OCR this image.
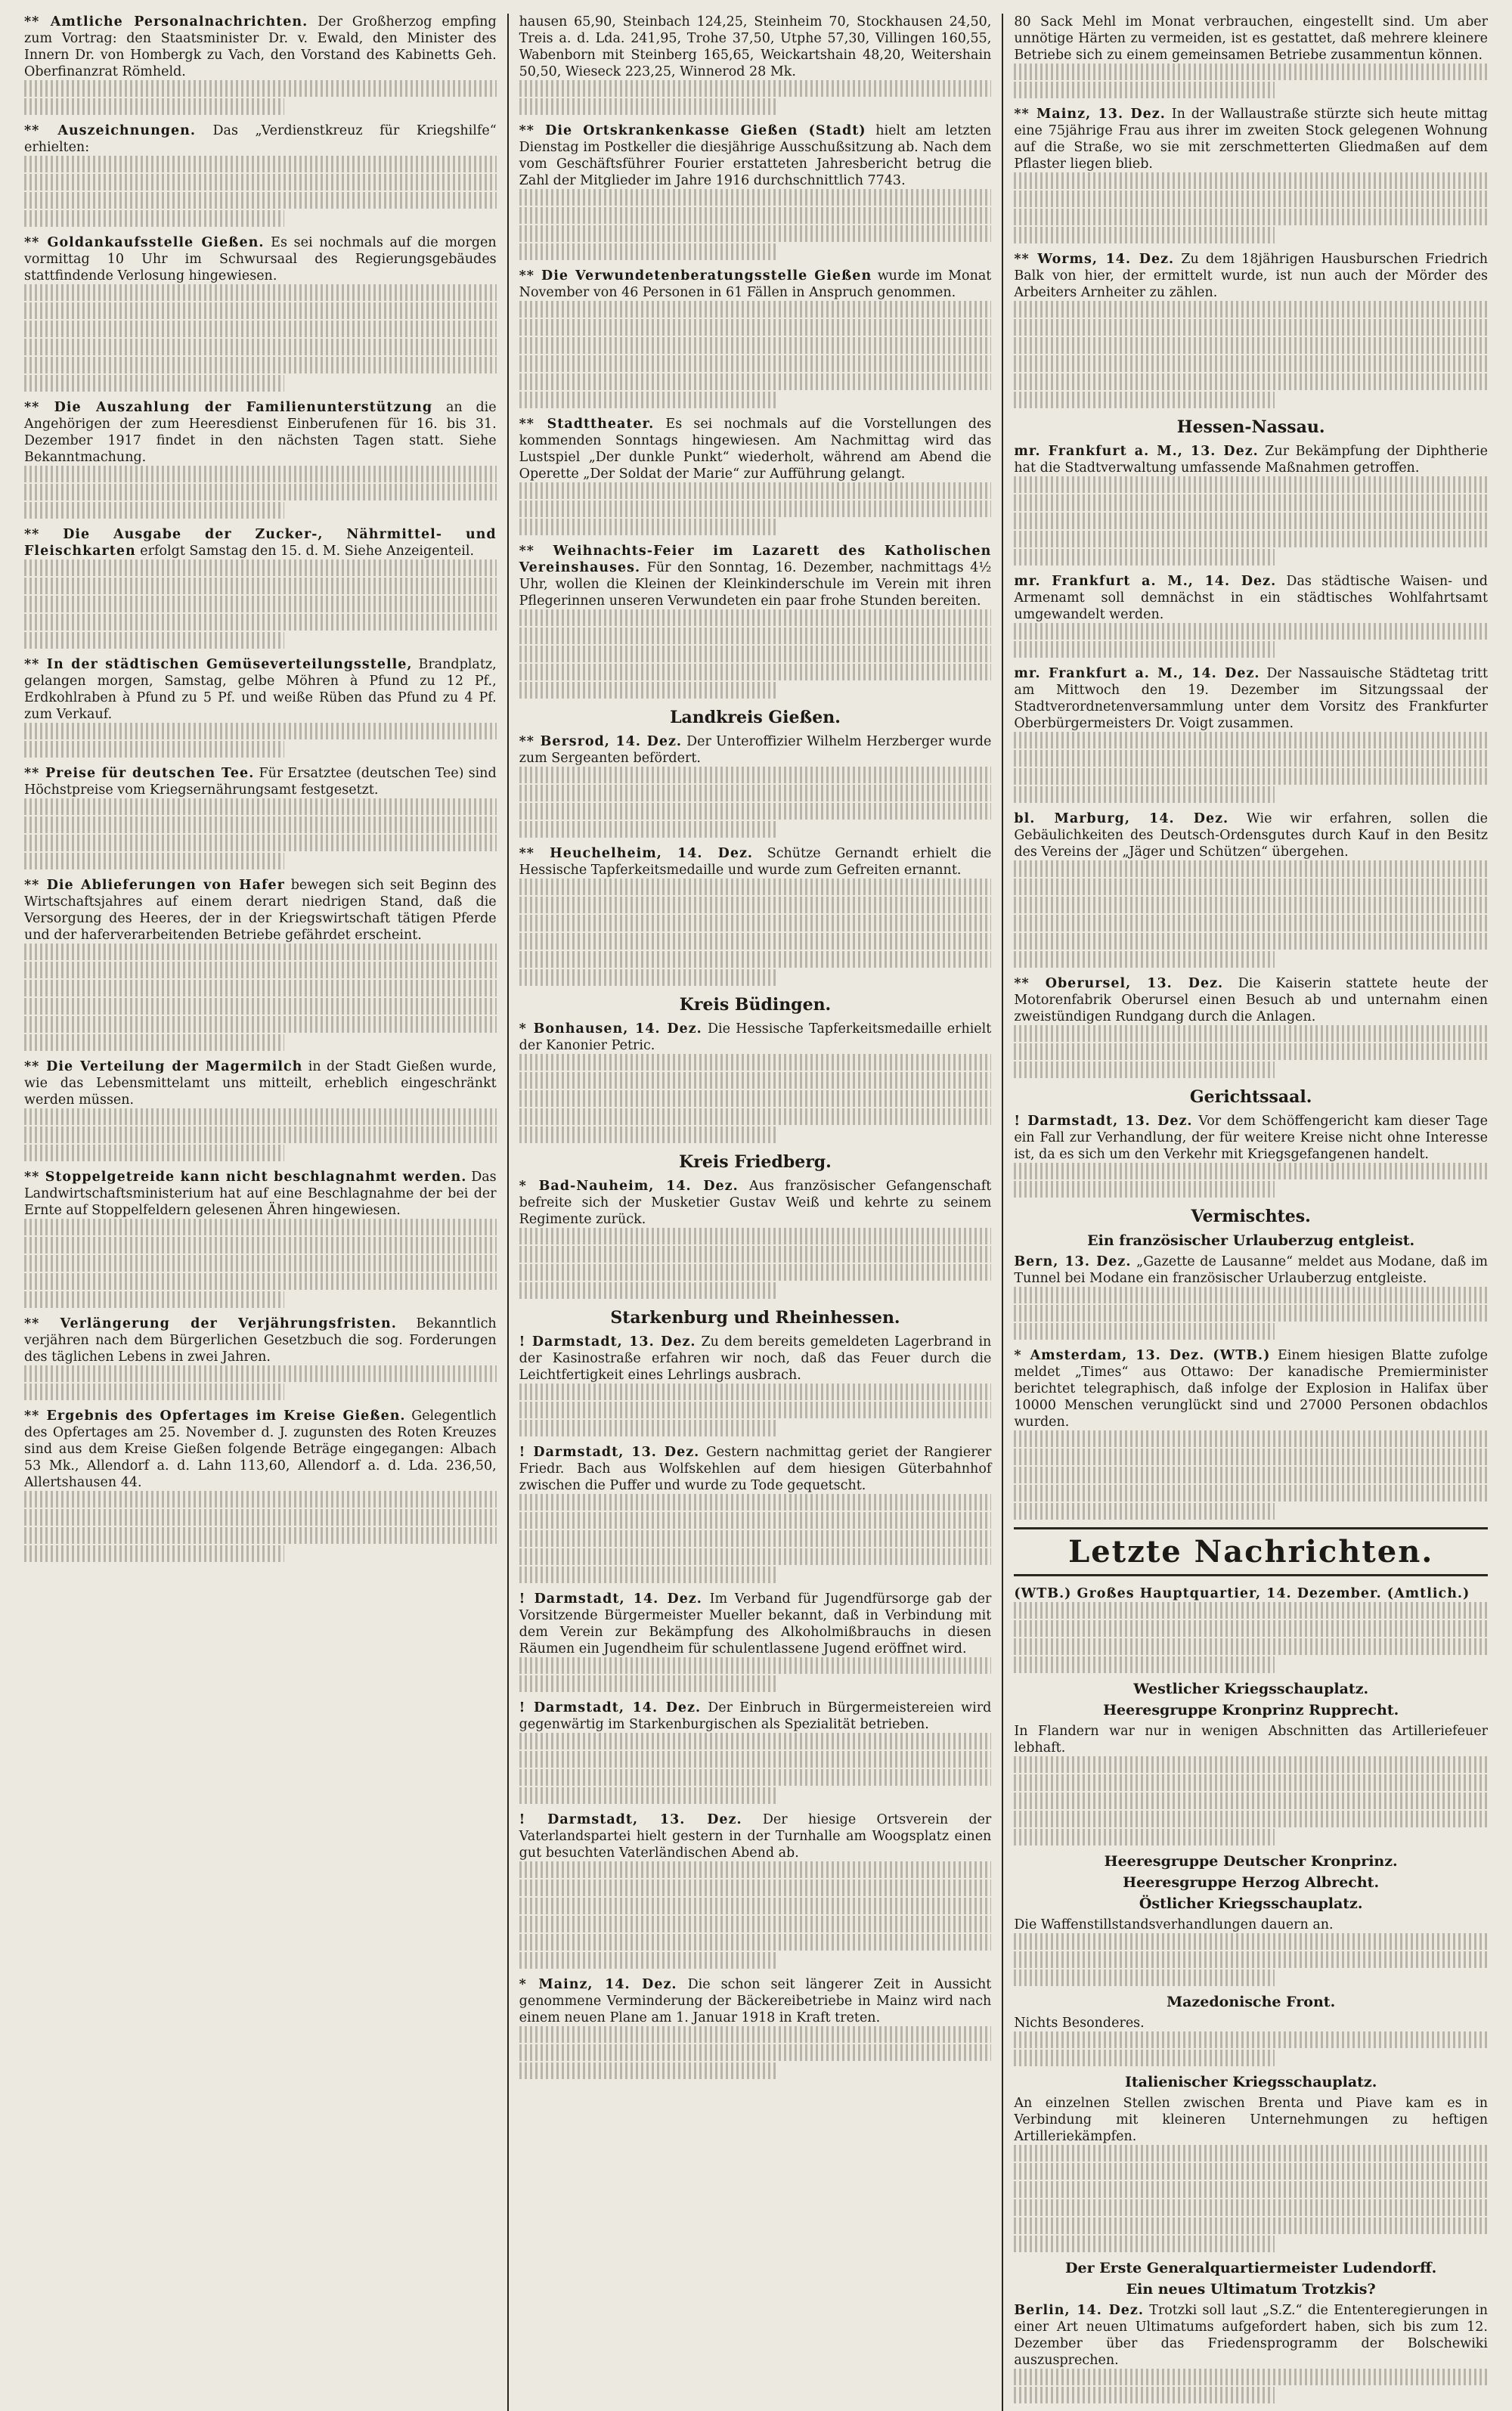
** Amtliche Personalnachrichten. Der Großherzog empfing zum Vortrag: den Staatsminister Dr. v. Ewald, den Minister des Innern Dr. von Hombergk zu Vach, den Vorstand des Kabinetts Geh. Oberfinanzrat Römheld.
** Auszeichnungen. Das „Verdienstkreuz für Kriegshilfe“ erhielten:
** Goldankaufsstelle Gießen. Es sei nochmals auf die morgen vormittag 10 Uhr im Schwursaal des Regierungsgebäudes stattfindende Verlosung hingewiesen.
** Die Auszahlung der Familienunterstützung an die Angehörigen der zum Heeresdienst Einberufenen für 16. bis 31. Dezember 1917 findet in den nächsten Tagen statt. Siehe Bekanntmachung.
** Die Ausgabe der Zucker-, Nährmittel- und Fleischkarten erfolgt Samstag den 15. d. M. Siehe Anzeigenteil.
** In der städtischen Gemüseverteilungsstelle, Brandplatz, gelangen morgen, Samstag, gelbe Möhren à Pfund zu 12 Pf., Erdkohlraben à Pfund zu 5 Pf. und weiße Rüben das Pfund zu 4 Pf. zum Verkauf.
** Preise für deutschen Tee. Für Ersatztee (deutschen Tee) sind Höchstpreise vom Kriegsernährungsamt festgesetzt.
** Die Ablieferungen von Hafer bewegen sich seit Beginn des Wirtschaftsjahres auf einem derart niedrigen Stand, daß die Versorgung des Heeres, der in der Kriegswirtschaft tätigen Pferde und der haferverarbeitenden Betriebe gefährdet erscheint.
** Die Verteilung der Magermilch in der Stadt Gießen wurde, wie das Lebensmittelamt uns mitteilt, erheblich eingeschränkt werden müssen.
** Stoppelgetreide kann nicht beschlagnahmt werden. Das Landwirtschaftsministerium hat auf eine Beschlagnahme der bei der Ernte auf Stoppelfeldern gelesenen Ähren hingewiesen.
** Verlängerung der Verjährungsfristen. Bekanntlich verjähren nach dem Bürgerlichen Gesetzbuch die sog. Forderungen des täglichen Lebens in zwei Jahren.
** Ergebnis des Opfertages im Kreise Gießen. Gelegentlich des Opfertages am 25. November d. J. zugunsten des Roten Kreuzes sind aus dem Kreise Gießen folgende Beträge eingegangen: Albach 53 Mk., Allendorf a. d. Lahn 113,60, Allendorf a. d. Lda. 236,50, Allertshausen 44.
hausen 65,90, Steinbach 124,25, Steinheim 70, Stockhausen 24,50, Treis a. d. Lda. 241,95, Trohe 37,50, Utphe 57,30, Villingen 160,55, Wabenborn mit Steinberg 165,65, Weickartshain 48,20, Weitershain 50,50, Wieseck 223,25, Winnerod 28 Mk.
** Die Ortskrankenkasse Gießen (Stadt) hielt am letzten Dienstag im Postkeller die diesjährige Ausschußsitzung ab. Nach dem vom Geschäftsführer Fourier erstatteten Jahresbericht betrug die Zahl der Mitglieder im Jahre 1916 durchschnittlich 7743.
** Die Verwundetenberatungsstelle Gießen wurde im Monat November von 46 Personen in 61 Fällen in Anspruch genommen.
** Stadttheater. Es sei nochmals auf die Vorstellungen des kommenden Sonntags hingewiesen. Am Nachmittag wird das Lustspiel „Der dunkle Punkt“ wiederholt, während am Abend die Operette „Der Soldat der Marie“ zur Aufführung gelangt.
** Weihnachts-Feier im Lazarett des Katholischen Vereinshauses. Für den Sonntag, 16. Dezember, nachmittags 4½ Uhr, wollen die Kleinen der Kleinkinderschule im Verein mit ihren Pflegerinnen unseren Verwundeten ein paar frohe Stunden bereiten.
Landkreis Gießen.
** Bersrod, 14. Dez. Der Unteroffizier Wilhelm Herzberger wurde zum Sergeanten befördert.
** Heuchelheim, 14. Dez. Schütze Gernandt erhielt die Hessische Tapferkeitsmedaille und wurde zum Gefreiten ernannt.
Kreis Büdingen.
* Bonhausen, 14. Dez. Die Hessische Tapferkeitsmedaille erhielt der Kanonier Petric.
Kreis Friedberg.
* Bad-Nauheim, 14. Dez. Aus französischer Gefangenschaft befreite sich der Musketier Gustav Weiß und kehrte zu seinem Regimente zurück.
Starkenburg und Rheinhessen.
! Darmstadt, 13. Dez. Zu dem bereits gemeldeten Lagerbrand in der Kasinostraße erfahren wir noch, daß das Feuer durch die Leichtfertigkeit eines Lehrlings ausbrach.
! Darmstadt, 13. Dez. Gestern nachmittag geriet der Rangierer Friedr. Bach aus Wolfskehlen auf dem hiesigen Güterbahnhof zwischen die Puffer und wurde zu Tode gequetscht.
! Darmstadt, 14. Dez. Im Verband für Jugendfürsorge gab der Vorsitzende Bürgermeister Mueller bekannt, daß in Verbindung mit dem Verein zur Bekämpfung des Alkoholmißbrauchs in diesen Räumen ein Jugendheim für schulentlassene Jugend eröffnet wird.
! Darmstadt, 14. Dez. Der Einbruch in Bürgermeistereien wird gegenwärtig im Starkenburgischen als Spezialität betrieben.
! Darmstadt, 13. Dez. Der hiesige Ortsverein der Vaterlandspartei hielt gestern in der Turnhalle am Woogsplatz einen gut besuchten Vaterländischen Abend ab.
* Mainz, 14. Dez. Die schon seit längerer Zeit in Aussicht genommene Verminderung der Bäckereibetriebe in Mainz wird nach einem neuen Plane am 1. Januar 1918 in Kraft treten.
80 Sack Mehl im Monat verbrauchen, eingestellt sind. Um aber unnötige Härten zu vermeiden, ist es gestattet, daß mehrere kleinere Betriebe sich zu einem gemeinsamen Betriebe zusammentun können.
** Mainz, 13. Dez. In der Wallaustraße stürzte sich heute mittag eine 75jährige Frau aus ihrer im zweiten Stock gelegenen Wohnung auf die Straße, wo sie mit zerschmetterten Gliedmaßen auf dem Pflaster liegen blieb.
** Worms, 14. Dez. Zu dem 18jährigen Hausburschen Friedrich Balk von hier, der ermittelt wurde, ist nun auch der Mörder des Arbeiters Arnheiter zu zählen.
Hessen-Nassau.
mr. Frankfurt a. M., 13. Dez. Zur Bekämpfung der Diphtherie hat die Stadtverwaltung umfassende Maßnahmen getroffen.
mr. Frankfurt a. M., 14. Dez. Das städtische Waisen- und Armenamt soll demnächst in ein städtisches Wohlfahrtsamt umgewandelt werden.
mr. Frankfurt a. M., 14. Dez. Der Nassauische Städtetag tritt am Mittwoch den 19. Dezember im Sitzungssaal der Stadtverordnetenversammlung unter dem Vorsitz des Frankfurter Oberbürgermeisters Dr. Voigt zusammen.
bl. Marburg, 14. Dez. Wie wir erfahren, sollen die Gebäulichkeiten des Deutsch-Ordensgutes durch Kauf in den Besitz des Vereins der „Jäger und Schützen“ übergehen.
** Oberursel, 13. Dez. Die Kaiserin stattete heute der Motorenfabrik Oberursel einen Besuch ab und unternahm einen zweistündigen Rundgang durch die Anlagen.
Gerichtssaal.
! Darmstadt, 13. Dez. Vor dem Schöffengericht kam dieser Tage ein Fall zur Verhandlung, der für weitere Kreise nicht ohne Interesse ist, da es sich um den Verkehr mit Kriegsgefangenen handelt.
Vermischtes.
Ein französischer Urlauberzug entgleist.
Bern, 13. Dez. „Gazette de Lausanne“ meldet aus Modane, daß im Tunnel bei Modane ein französischer Urlauberzug entgleiste.
* Amsterdam, 13. Dez. (WTB.) Einem hiesigen Blatte zufolge meldet „Times“ aus Ottawo: Der kanadische Premierminister berichtet telegraphisch, daß infolge der Explosion in Halifax über 10000 Menschen verunglückt sind und 27000 Personen obdachlos wurden.
Letzte Nachrichten.
(WTB.) Großes Hauptquartier, 14. Dezember. (Amtlich.)
Westlicher Kriegsschauplatz.
Heeresgruppe Kronprinz Rupprecht.
In Flandern war nur in wenigen Abschnitten das Artilleriefeuer lebhaft.
Heeresgruppe Deutscher Kronprinz.
Heeresgruppe Herzog Albrecht.
Östlicher Kriegsschauplatz.
Die Waffenstillstandsverhandlungen dauern an.
Mazedonische Front.
Nichts Besonderes.
Italienischer Kriegsschauplatz.
An einzelnen Stellen zwischen Brenta und Piave kam es in Verbindung mit kleineren Unternehmungen zu heftigen Artilleriekämpfen.
Der Erste Generalquartiermeister Ludendorff.
Ein neues Ultimatum Trotzkis?
Berlin, 14. Dez. Trotzki soll laut „S.Z.“ die Ententeregierungen in einer Art neuen Ultimatums aufgefordert haben, sich bis zum 12. Dezember über das Friedensprogramm der Bolschewiki auszusprechen.
